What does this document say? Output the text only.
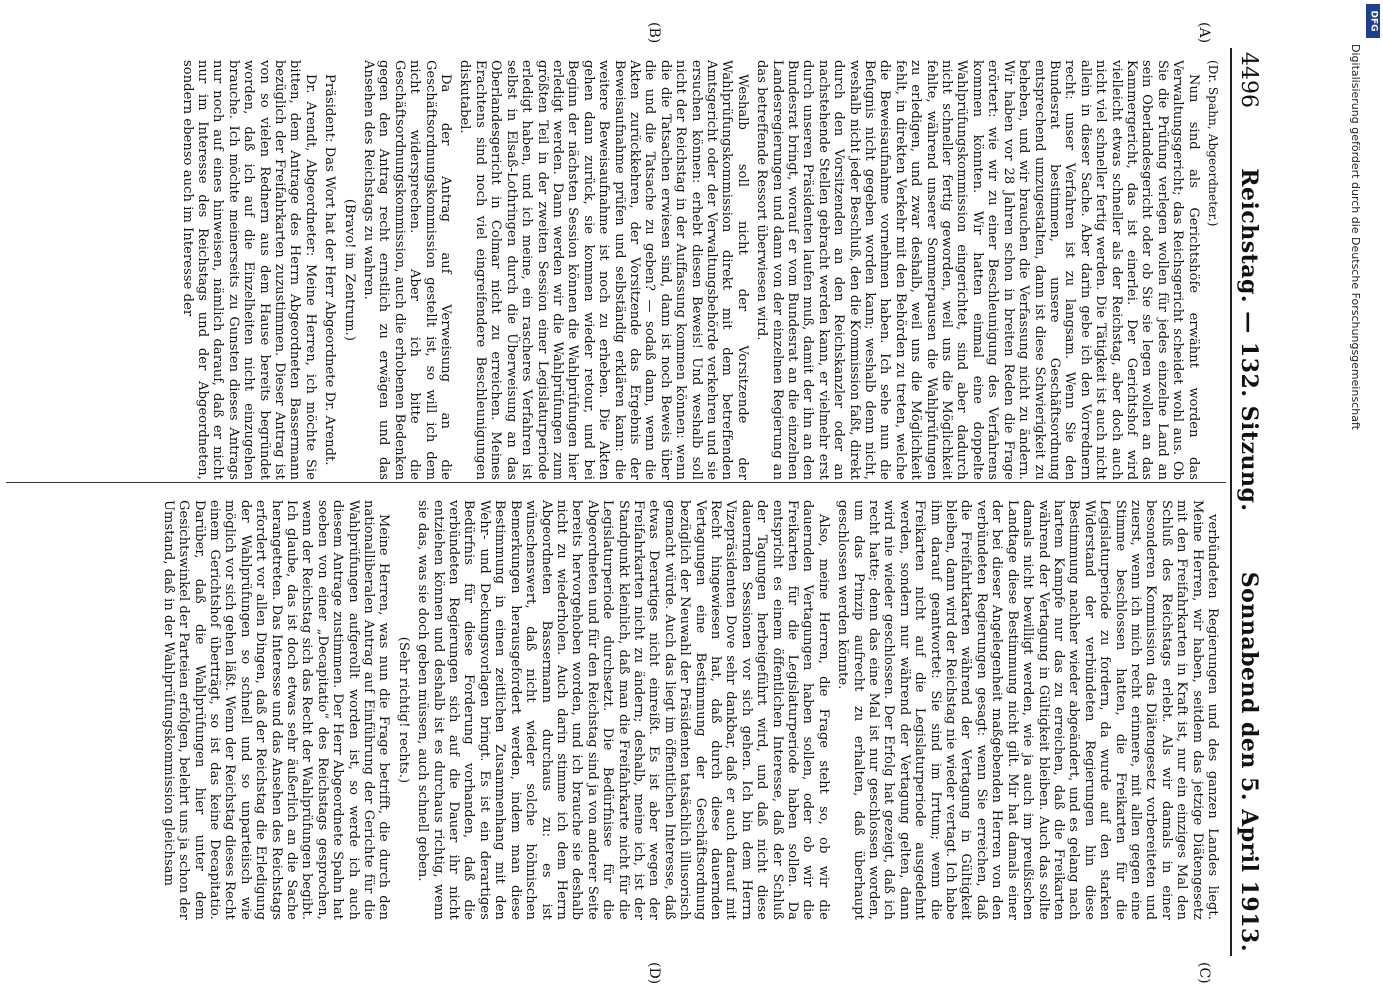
4496
Reichstag. — 132. Sitzung.
Sonnabend den 5. April 1913.
(A)
(B)
(C)
(D)

(Dr. Spahn, Abgeordneter.)

Nun sind als Gerichtshöfe erwähnt worden das Verwaltungsgericht; das Reichsgericht scheidet wohl aus. Ob Sie die Prüfung verlegen wollen für jedes einzelne Land an sein Oberlandesgericht oder ob Sie sie legen wollen an das Kammergericht, das ist einerlei. Der Gerichtshof wird vielleicht etwas schneller als der Reichstag, aber doch auch nicht viel schneller fertig werden. Die Tätigkeit ist auch nicht allein in dieser Sache. Aber darin gebe ich den Vorrednern recht: unser Verfahren ist zu langsam. Wenn Sie den Bundesrat bestimmen, unsere Geschäftsordnung entsprechend umzugestalten, dann ist diese Schwierigkeit zu beheben, und wir brauchen die Verfassung nicht zu ändern. Wir haben vor 28 Jahren schon in breiten Reden die Frage erörtert: wie wir zu einer Beschleunigung des Verfahrens kommen könnten. Wir hatten einmal eine doppelte Wahlprüfungskommission eingerichtet, sind aber dadurch nicht schneller fertig geworden, weil uns die Möglichkeit fehlte, während unserer Sommerpausen die Wahlprüfungen zu erledigen, und zwar deshalb, weil uns die Möglichkeit fehlt, in direkten Verkehr mit den Behörden zu treten, welche die Beweisaufnahme vornehmen haben. Ich sehe nun die Befugnis nicht gegeben worden kann; weshalb denn nicht, weshalb nicht jeder Beschluß, den die Kommission faßt, direkt durch den Vorsitzenden an den Reichskanzler oder an nachstehende Stellen gebracht werden kann, er vielmehr erst durch unseren Präsidenten laufen muß, damit der ihn an den Bundesrat bringt, worauf er vom Bundesrat an die einzelnen Landesregierungen und dann von der einzelnen Regierung an das betreffende Ressort überwiesen wird.

Weshalb soll nicht der Vorsitzende der Wahlprüfungskommission direkt mit dem betreffenden Amtsgericht oder der Verwaltungsbehörde verkehren und sie ersuchen können: erhebt diesen Beweis! Und weshalb soll nicht der Reichstag in der Auffassung kommen können: wenn die die Tatsachen erwiesen sind, dann ist noch Beweis über die und die Tatsache zu geben? — sodaß dann, wenn die Akten zurückkehren, der Vorsitzende das Ergebnis der Beweisaufnahme prüfen und selbständig erklären kann: die weitere Beweisaufnahme ist noch zu erheben. Die Akten gehen dann zurück, sie kommen wieder retour, und bei Beginn der nächsten Session können die Wahlprüfungen hier erledigt werden. Dann werden wir die Wahlprüfungen zum größten Teil in der zweiten Session einer Legislaturperiode erledigt haben, und ich meine, ein rascheres Verfahren ist selbst in Elsaß-Lothringen durch die Überweisung an das Oberlandesgericht in Colmar nicht zu erreichen. Meines Erachtens sind noch viel eingreifendere Beschleunigungen diskutabel.

Da der Antrag auf Verweisung an die Geschäftsordnungskommission gestellt ist, so will ich dem nicht widersprechen. Aber ich bitte die Geschäftsordnungskommission, auch die erhobenen Bedenken gegen den Antrag recht ernstlich zu erwägen und das Ansehen des Reichstags zu wahren.

(Bravo! im Zentrum.)

Präsident: Das Wort hat der Herr Abgeordnete Dr. Arendt.

Dr. Arendt, Abgeordneter: Meine Herren, ich möchte Sie bitten, dem Antrage des Herrn Abgeordneten Bassermann bezüglich der Freifahrkarten zuzustimmen. Dieser Antrag ist von so vielen Rednern aus dem Hause bereits begründet worden, daß ich auf die Einzelheiten nicht einzugehen brauche. Ich möchte meinerseits zu Gunsten dieses Antrags nur noch auf eines hinweisen, nämlich darauf, daß er nicht nur im Interesse des Reichstags und der Abgeordneten, sondern ebenso auch im Interesse der

verbündeten Regierungen und des ganzen Landes liegt. Meine Herren, wir haben, seitdem das jetzige Diätengesetz mit den Freifahrkarten in Kraft ist, nur ein einziges Mal den Schluß des Reichstags erlebt. Als wir damals in einer besonderen Kommission das Diätengesetz vorbereiteten und zuerst, wenn ich mich recht erinnere, mit allen gegen eine Stimme beschlossen hatten, die Freikarten für die Legislaturperiode zu fordern, da wurde auf den starken Widerstand der verbündeten Regierungen hin diese Bestimmung nachher wieder abgeändert, und es gelang nach hartem Kampfe nur das zu erreichen, daß die Freikarten während der Vertagung in Gültigkeit bleiben. Auch das sollte damals nicht bewilligt werden, wie ja auch im preußischen Landtage diese Bestimmung nicht gilt. Mir hat damals einer der bei dieser Angelegenheit maßgebenden Herren von den verbündeten Regierungen gesagt: wenn Sie erreichen, daß die Freifahrtkarten während der Vertagung in Gültigkeit bleiben, dann wird der Reichstag nie wieder vertagt. Ich habe ihm darauf geantwortet: Sie sind im Irrtum; wenn die Freikarten nicht auf die Legislaturperiode ausgedehnt werden, sondern nur während der Vertagung gelten, dann wird nie wieder geschlossen. Der Erfolg hat gezeigt, daß ich recht hatte; denn das eine Mal ist nur geschlossen worden, um das Prinzip aufrecht zu erhalten, daß überhaupt geschlossen werden könnte.

Also, meine Herren, die Frage steht so, ob wir die dauernden Vertagungen haben sollen, oder ob wir die Freikarten für die Legislaturperiode haben sollen. Da entspricht es einem öffentlichen Interesse, daß der Schluß der Tagungen herbeigeführt wird, und daß nicht diese dauernden Sessionen vor sich gehen. Ich bin dem Herrn Vizepräsidenten Dove sehr dankbar, daß er auch darauf mit Recht hingewiesen hat, daß durch diese dauernden Vertagungen eine Bestimmung der Geschäftsordnung bezüglich der Neuwahl der Präsidenten tatsächlich illusorisch gemacht würde. Auch das liegt im öffentlichen Interesse, daß etwas Derartiges nicht einreißt. Es ist aber wegen der Freifahrkarten nicht zu ändern; deshalb, meine ich, ist der Standpunkt kleinlich, daß man die Freifahrkarte nicht für die Legislaturperiode durchsetzt. Die Bedürfnisse für die Abgeordneten und für den Reichstag sind ja von anderer Seite bereits hervorgehoben worden, und ich brauche sie deshalb nicht zu wiederholen. Auch darin stimme ich dem Herrn Abgeordneten Bassermann durchaus zu: es ist wünschenswert, daß nicht wieder solche höhnischen Bemerkungen herausgefordert werden, indem man diese Bestimmung in einen zeitlichen Zusammenhang mit den Wehr- und Deckungsvorlagen bringt. Es ist ein derartiges Bedürfnis für diese Forderung vorhanden, daß die verbündeten Regierungen sich auf die Dauer ihr nicht entziehen können und deshalb ist es durchaus richtig, wenn sie das, was sie doch geben müssen, auch schnell geben.

(Sehr richtig! rechts.)

Meine Herren, was nun die Frage betrifft, die durch den nationalliberalen Antrag auf Einführung der Gerichte für die Wahlprüfungen aufgerollt worden ist, so werde ich auch diesem Antrage zustimmen. Der Herr Abgeordnete Spahn hat soeben von einer „Decapitatio“ des Reichstags gesprochen, wenn der Reichstag sich das Recht der Wahlprüfungen begibt. Ich glaube, das ist doch etwas sehr äußerlich an die Sache herangetreten. Das Interesse und das Ansehen des Reichstags erfordert vor allen Dingen, daß der Reichstag die Erledigung der Wahlprüfungen so schnell und so unparteiisch wie möglich vor sich gehen läßt. Wenn der Reichstag dieses Recht einem Gerichtshof überträgt, so ist das keine Decapitatio. Darüber, daß die Wahlprüfungen hier unter dem Gesichtswinkel der Parteien erfolgen, belehrt uns ja schon der Umstand, daß in der Wahlprüfungskommission gleichsam

DFG
Digitalisierung gefördert durch die Deutsche Forschungsgemeinschaft
